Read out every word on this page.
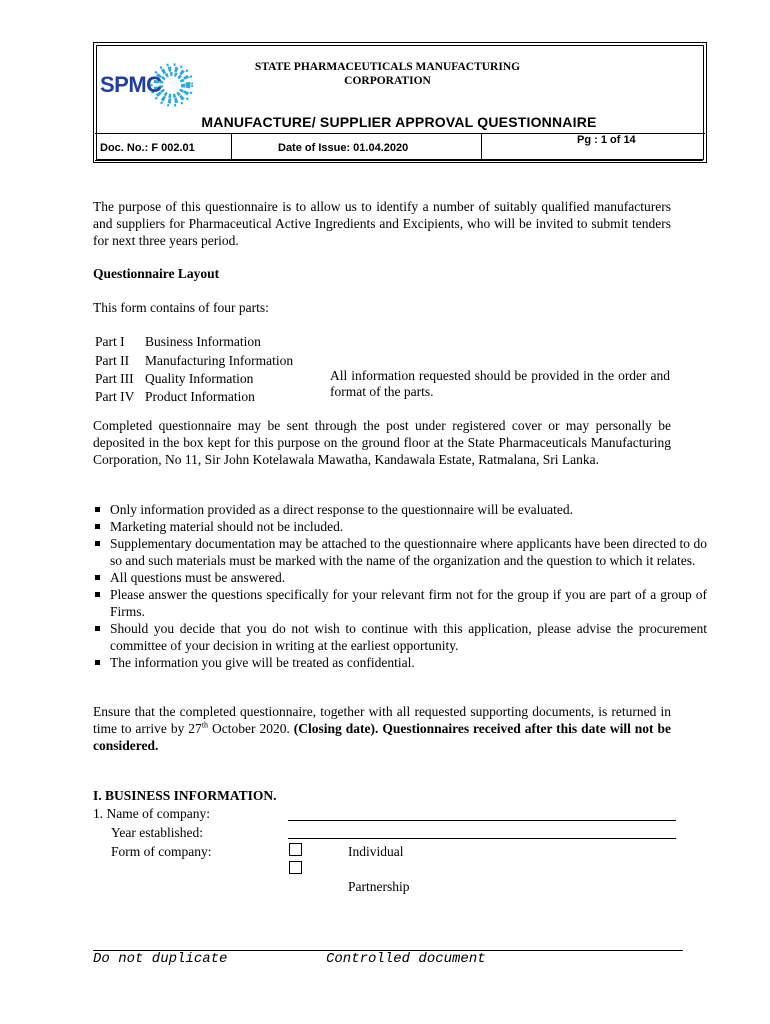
SPMC
STATE PHARMACEUTICALS MANUFACTURING
CORPORATION
MANUFACTURE/ SUPPLIER APPROVAL QUESTIONNAIRE
Doc. No.: F 002.01	Date of Issue: 01.04.2020
Pg : 1 of 14
The purpose of this questionnaire is to allow us to identify a number of suitably qualified manufacturers and suppliers for Pharmaceutical Active Ingredients and Excipients, who will be invited to submit tenders for next three years period.
Questionnaire Layout
This form contains of four parts:
Part I Business Information
Part II Manufacturing Information
Part III Quality Information
Part IV Product Information
All information requested should be provided in the order and format of the parts.
Completed questionnaire may be sent through the post under registered cover or may personally be deposited in the box kept for this purpose on the ground floor at the State Pharmaceuticals Manufacturing Corporation, No 11, Sir John Kotelawala Mawatha, Kandawala Estate, Ratmalana, Sri Lanka.
Only information provided as a direct response to the questionnaire will be evaluated.
Marketing material should not be included.
Supplementary documentation may be attached to the questionnaire where applicants have been directed to do so and such materials must be marked with the name of the organization and the question to which it relates.
All questions must be answered.
Please answer the questions specifically for your relevant firm not for the group if you are part of a group of Firms.
Should you decide that you do not wish to continue with this application, please advise the procurement committee of your decision in writing at the earliest opportunity.
The information you give will be treated as confidential.
Ensure that the completed questionnaire, together with all requested supporting documents, is returned in time to arrive by 27th October 2020. (Closing date). Questionnaires received after this date will not be considered.
I. BUSINESS INFORMATION.
1. Name of company:
Year established:
Form of company:	Individual
Partnership
Do not duplicate	Controlled document
